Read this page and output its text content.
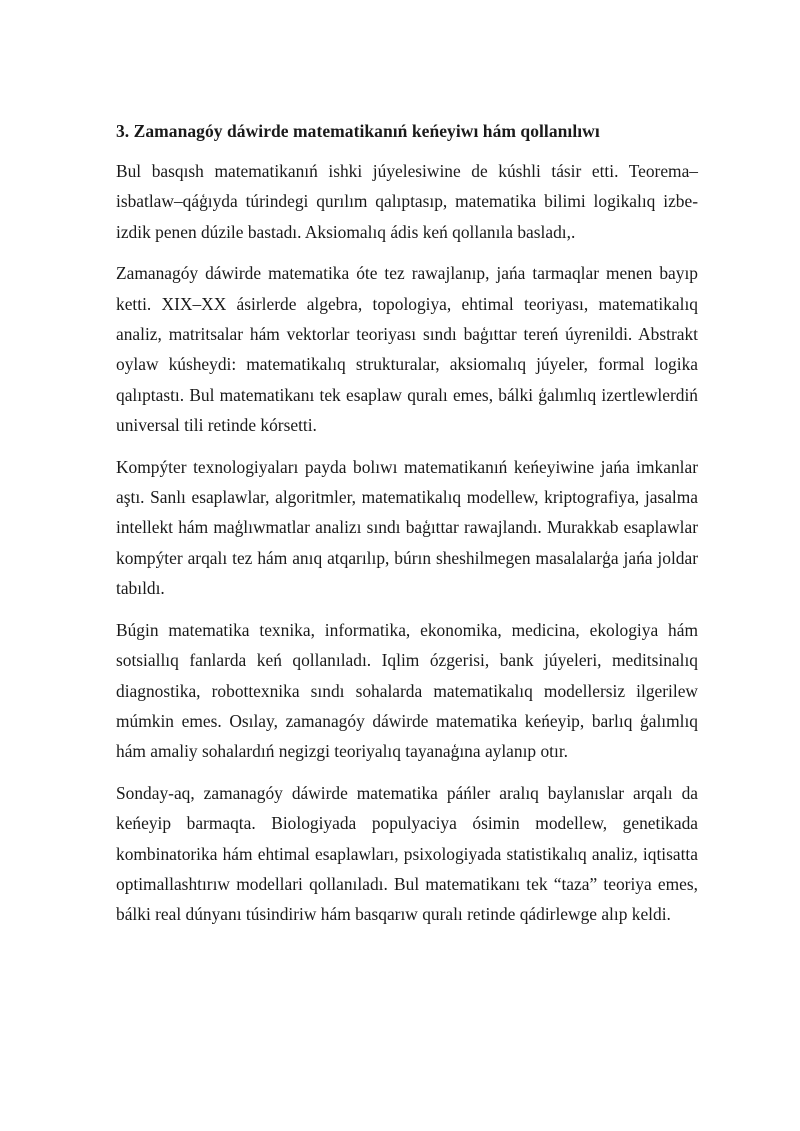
3. Zamanagóy dáwirde matematikanıń keńeyiwı hám qollanılıwı

Bul basqısh matematikanıń ishki júyelesiwine de kúshli tásir etti. Teorema–isbatlaw–qáģıyda túrindegi qurılım qalıptasıp, matematika bilimi logikalıq izbe-izdik penen dúzile bastadı. Aksiomalıq ádis keń qollanıla basladı,.

Zamanagóy dáwirde matematika óte tez rawajlanıp, jańa tarmaqlar menen bayıp ketti. XIX–XX ásirlerde algebra, topologiya, ehtimal teoriyası, matematikalıq analiz, matritsalar hám vektorlar teoriyası sındı baģıttar tereń úyrenildi. Abstrakt oylaw kúsheydi: matematikalıq strukturalar, aksiomalıq júyeler, formal logika qalıptastı. Bul matematikanı tek esaplaw quralı emes, bálki ģalımlıq izertlewlerdiń universal tili retinde kórsetti.

Kompýter texnologiyaları payda bolıwı matematikanıń keńeyiwine jańa imkanlar aştı. Sanlı esaplawlar, algoritmler, matematikalıq modellew, kriptografiya, jasalma intellekt hám maģlıwmatlar analizı sındı baģıttar rawajlandı. Murakkab esaplawlar kompýter arqalı tez hám anıq atqarılıp, búrın sheshilmegen masalalarģa jańa joldar tabıldı.

Búgin matematika texnika, informatika, ekonomika, medicina, ekologiya hám sotsiallıq fanlarda keń qollanıladı. Iqlim ózgerisi, bank júyeleri, meditsinalıq diagnostika, robottexnika sındı sohalarda matematikalıq modellersiz ilgerilew múmkin emes. Osılay, zamanagóy dáwirde matematika keńeyip, barlıq ģalımlıq hám amaliy sohalardıń negizgi teoriyalıq tayanaģına aylanıp otır.

Sonday-aq, zamanagóy dáwirde matematika páńler aralıq baylanıslar arqalı da keńeyip barmaqta. Biologiyada populyaciya ósimin modellew, genetikada kombinatorika hám ehtimal esaplawları, psixologiyada statistikalıq analiz, iqtisatta optimallashtırıw modellari qollanıladı. Bul matematikanı tek “taza” teoriya emes, bálki real dúnyanı túsindiriw hám basqarıw quralı retinde qádirlewge alıp keldi.
